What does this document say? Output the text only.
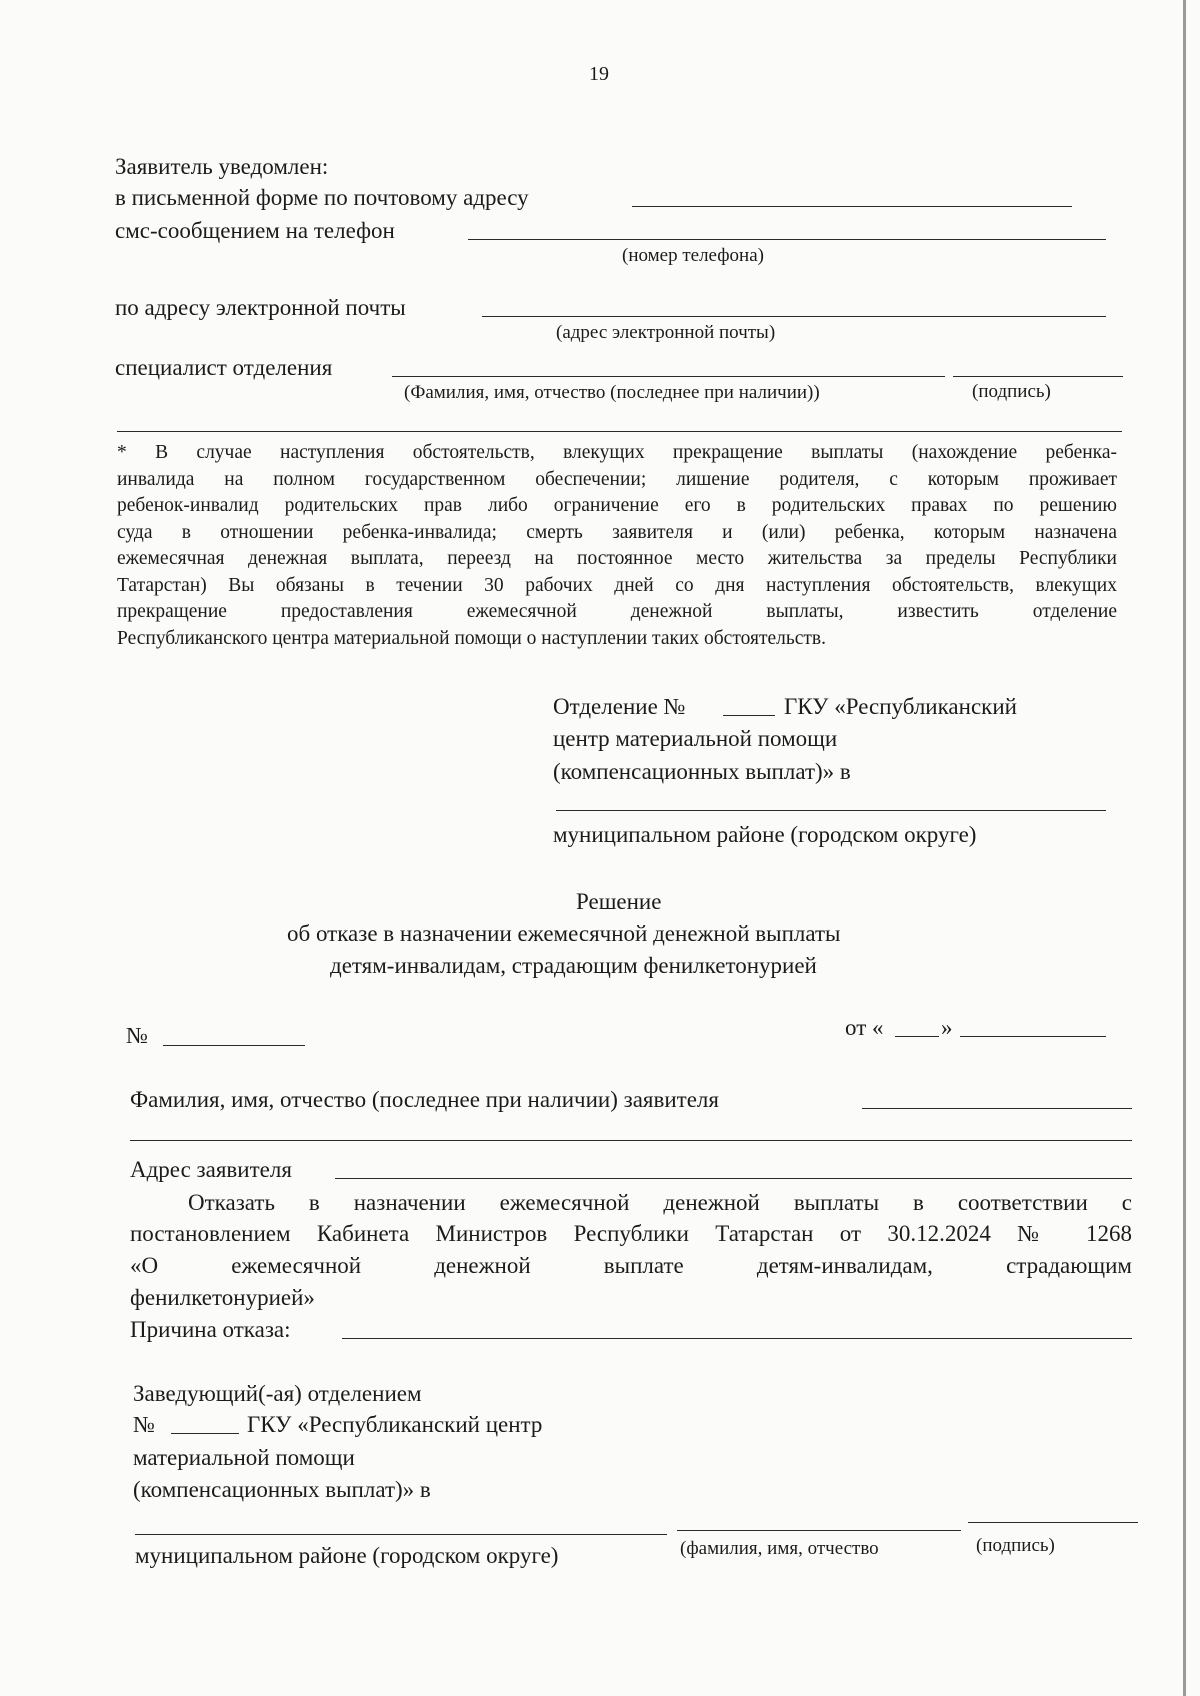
19
Заявитель уведомлен:
в письменной форме по почтовому адресу
смс-сообщением на телефон
(номер телефона)
по адресу электронной почты
(адрес электронной почты)
специалист отделения
(Фамилия, имя, отчество (последнее при наличии))	(подпись)
* В случае наступления обстоятельств, влекущих прекращение выплаты (нахождение ребенка-
инвалида на полном государственном обеспечении; лишение родителя, с которым проживает
ребенок-инвалид родительских прав либо ограничение его в родительских правах по решению
суда в отношении ребенка-инвалида; смерть заявителя и (или) ребенка, которым назначена
ежемесячная денежная выплата, переезд на постоянное место жительства за пределы Республики
Татарстан) Вы обязаны в течении 30 рабочих дней со дня наступления обстоятельств, влекущих
прекращение предоставления ежемесячной денежной выплаты, известить отделение
Республиканского центра материальной помощи о наступлении таких обстоятельств.
Отделение №	ГКУ «Республиканский
центр материальной помощи
(компенсационных выплат)» в
муниципальном районе (городском округе)
Решение
об отказе в назначении ежемесячной денежной выплаты
детям-инвалидам, страдающим фенилкетонурией
№	от «	»
Фамилия, имя, отчество (последнее при наличии) заявителя
Адрес заявителя
Отказать в назначении ежемесячной денежной выплаты в соответствии с
постановлением Кабинета Министров Республики Татарстан от 30.12.2024 № 1268
«О ежемесячной денежной выплате детям-инвалидам, страдающим
фенилкетонурией»
Причина отказа:
Заведующий(-ая) отделением
№	ГКУ «Республиканский центр
материальной помощи
(компенсационных выплат)» в
муниципальном районе (городском округе)	(фамилия, имя, отчество	(подпись)
